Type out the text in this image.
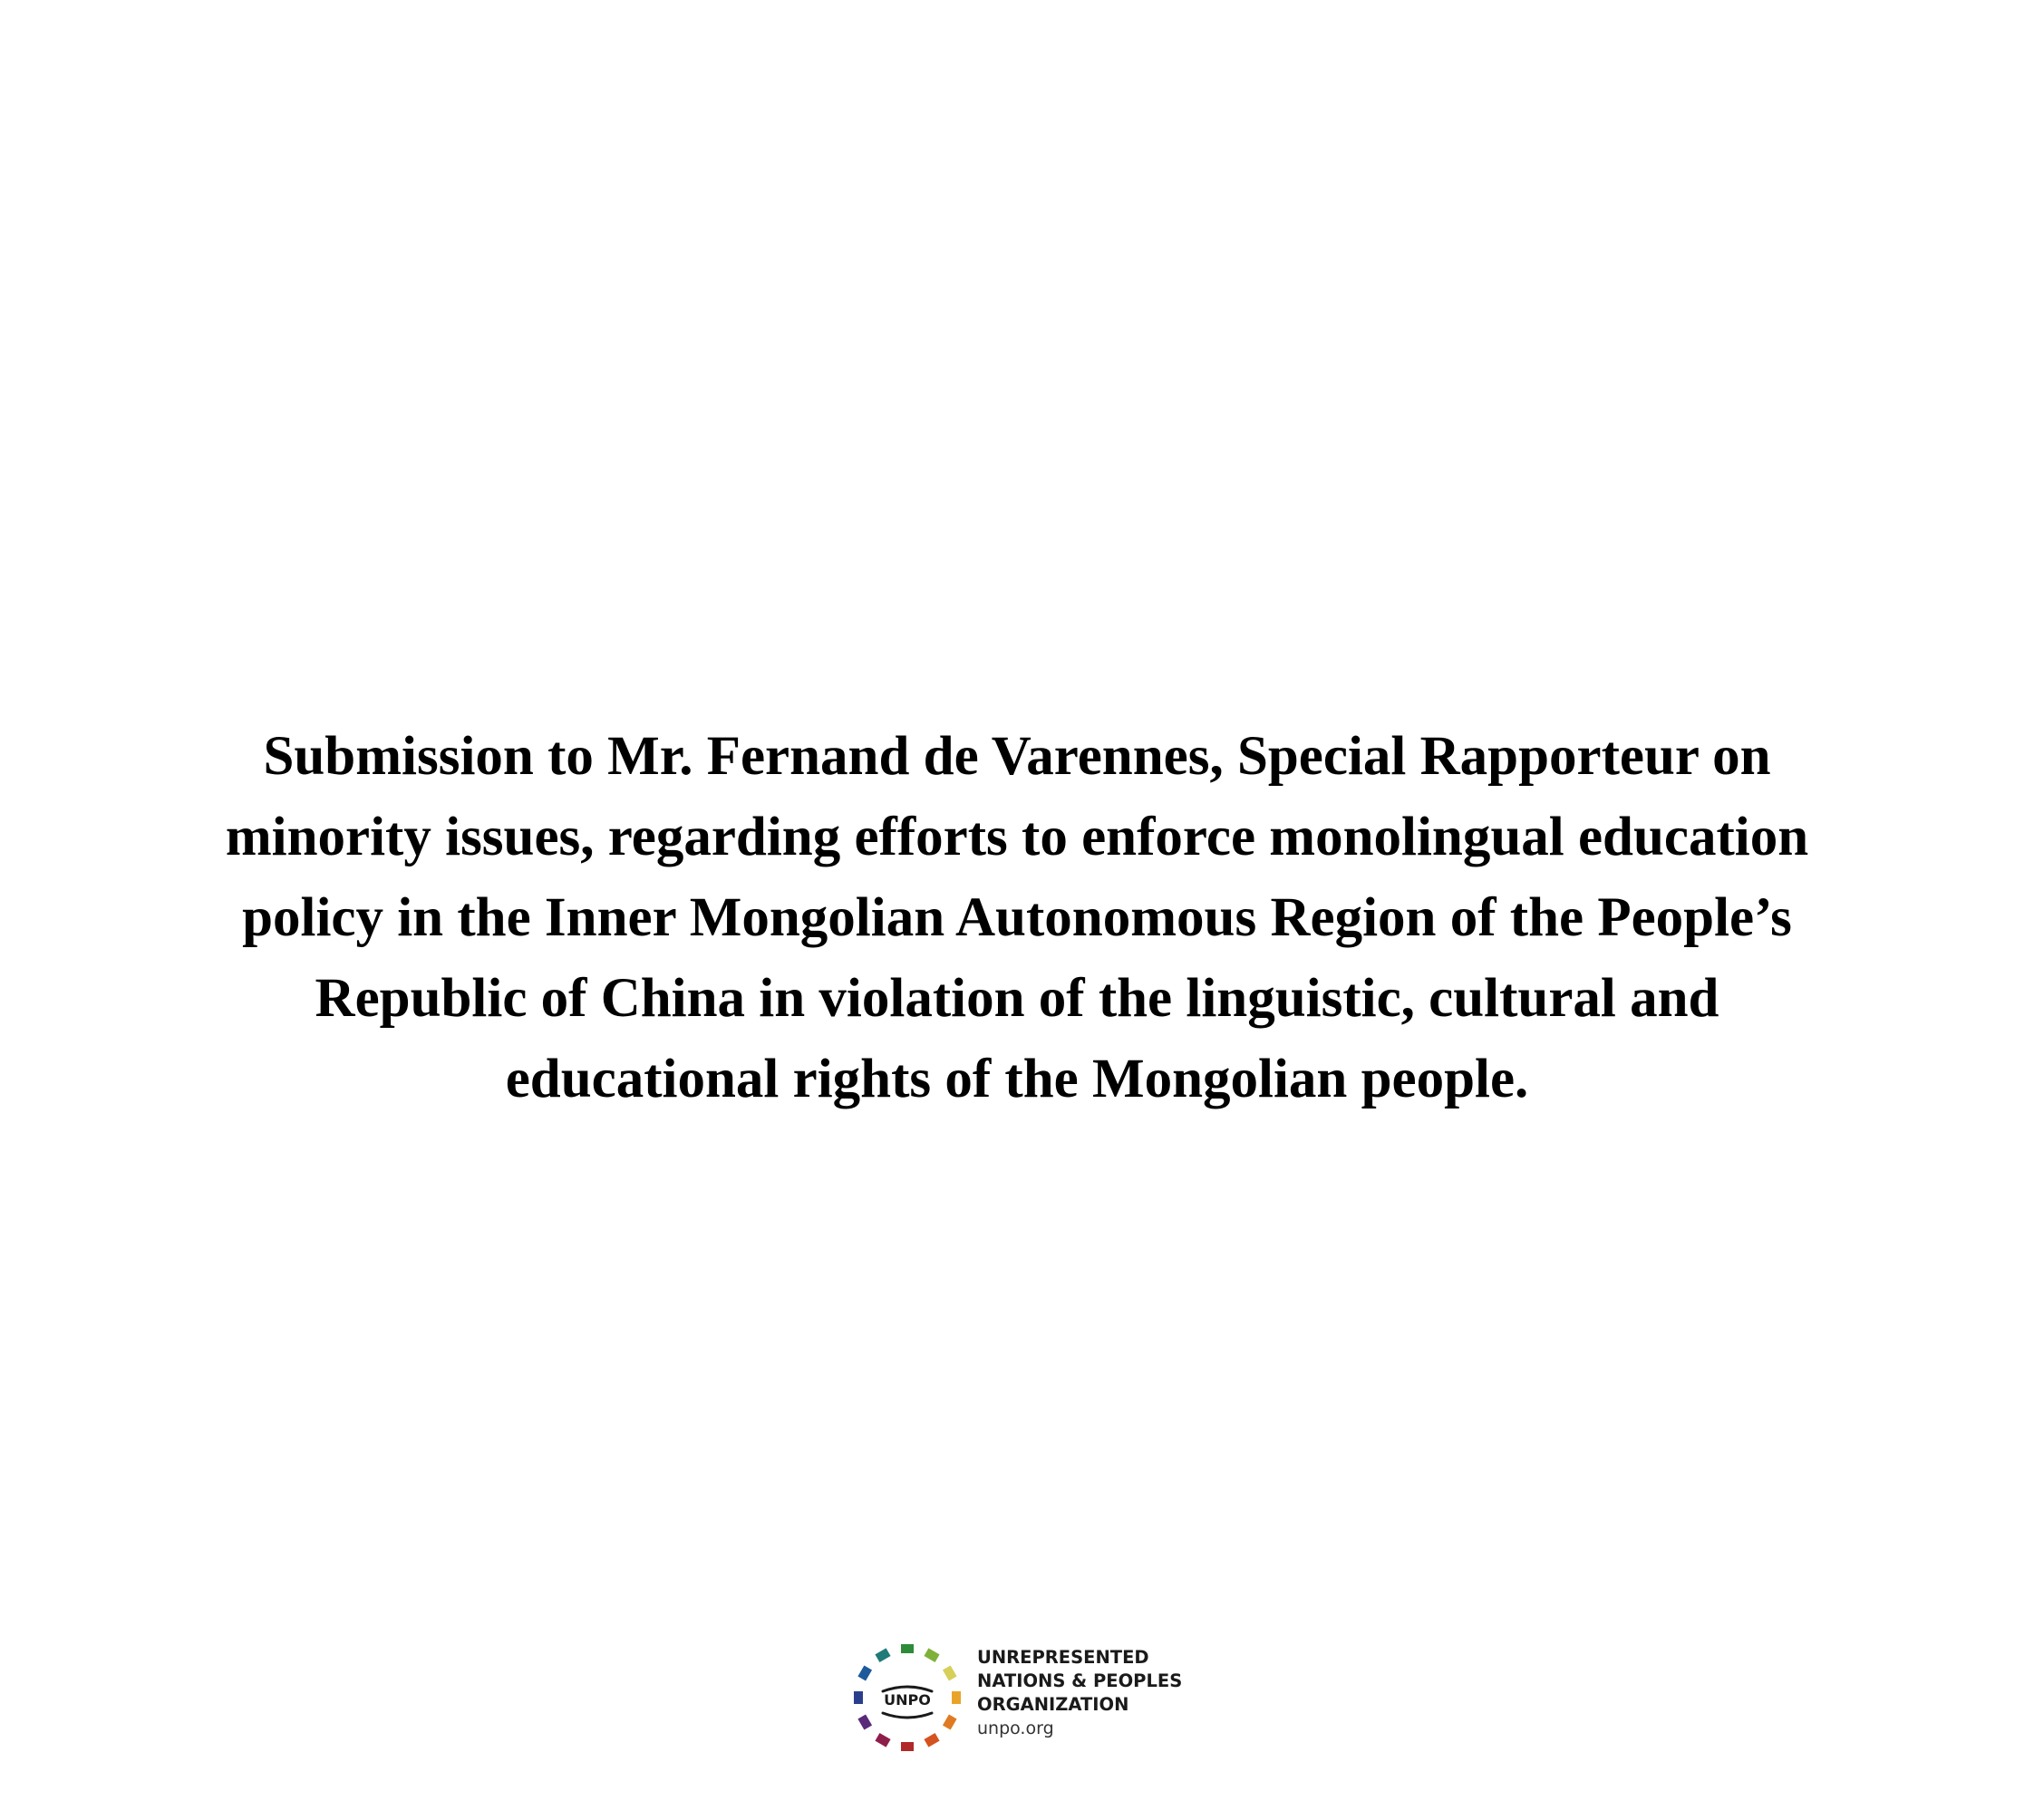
Submission to Mr. Fernand de Varennes, Special Rapporteur on
minority issues, regarding efforts to enforce monolingual education
policy in the Inner Mongolian Autonomous Region of the People’s
Republic of China in violation of the linguistic, cultural and
educational rights of the Mongolian people.
UNPO
UNREPRESENTED
NATIONS & PEOPLES
ORGANIZATION
unpo.org
